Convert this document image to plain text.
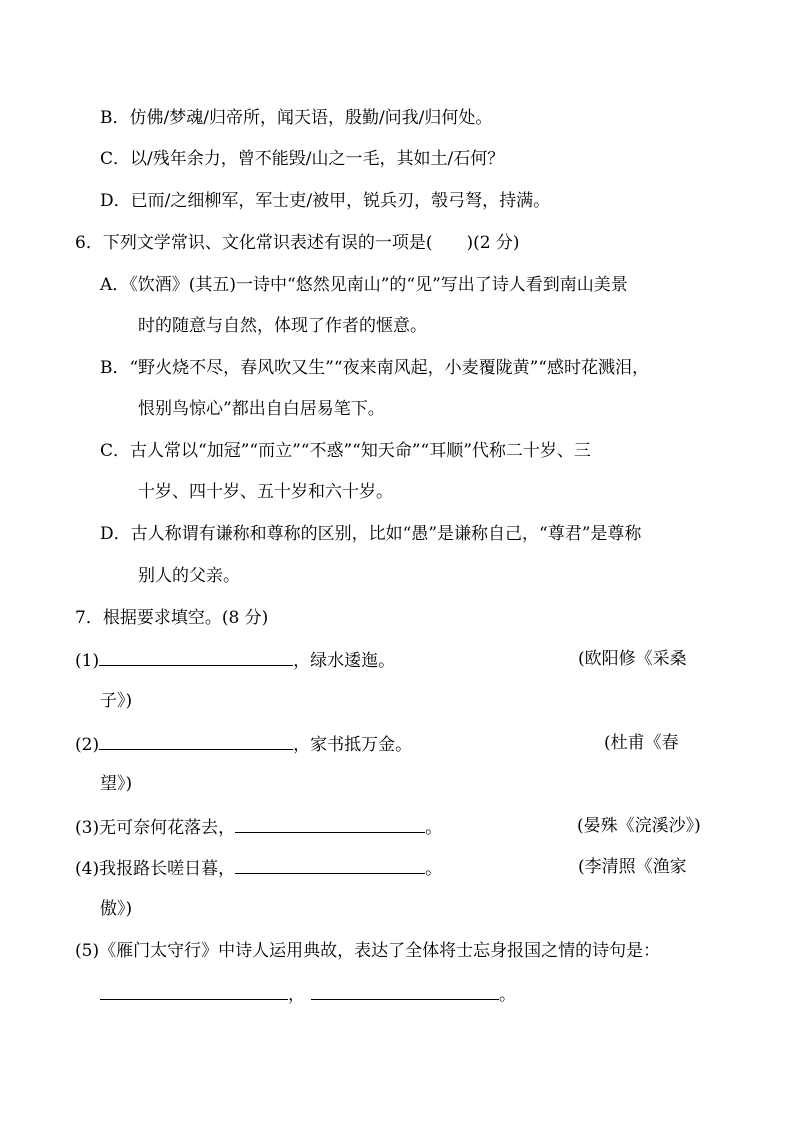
B．仿佛/梦魂/归帝所，闻天语，殷勤/问我/归何处。
C．以/残年余力，曾不能毁/山之一毛，其如土/石何？
D．已而/之细柳军，军士吏/被甲，锐兵刃，彀弓弩，持满。
6．下列文学常识、文化常识表述有误的一项是(　　)(2 分)
A．《饮酒》(其五)一诗中“悠然见南山”的“见”写出了诗人看到南山美景
时的随意与自然，体现了作者的惬意。
B．“野火烧不尽，春风吹又生”“夜来南风起，小麦覆陇黄”“感时花溅泪，
恨别鸟惊心”都出自白居易笔下。
C．古人常以“加冠”“而立”“不惑”“知天命”“耳顺”代称二十岁、三
十岁、四十岁、五十岁和六十岁。
D．古人称谓有谦称和尊称的区别，比如“愚”是谦称自己，“尊君”是尊称
别人的父亲。
7．根据要求填空。(8 分)
(1)	，绿水逶迤。	(欧阳修《采桑
子》)
(2)	，家书抵万金。	(杜甫《春
望》)
(3)无可奈何花落去，	。	(晏殊《浣溪沙》)
(4)我报路长嗟日暮，	。	(李清照《渔家
傲》)
(5)《雁门太守行》中诗人运用典故，表达了全体将士忘身报国之情的诗句是：
，	。
